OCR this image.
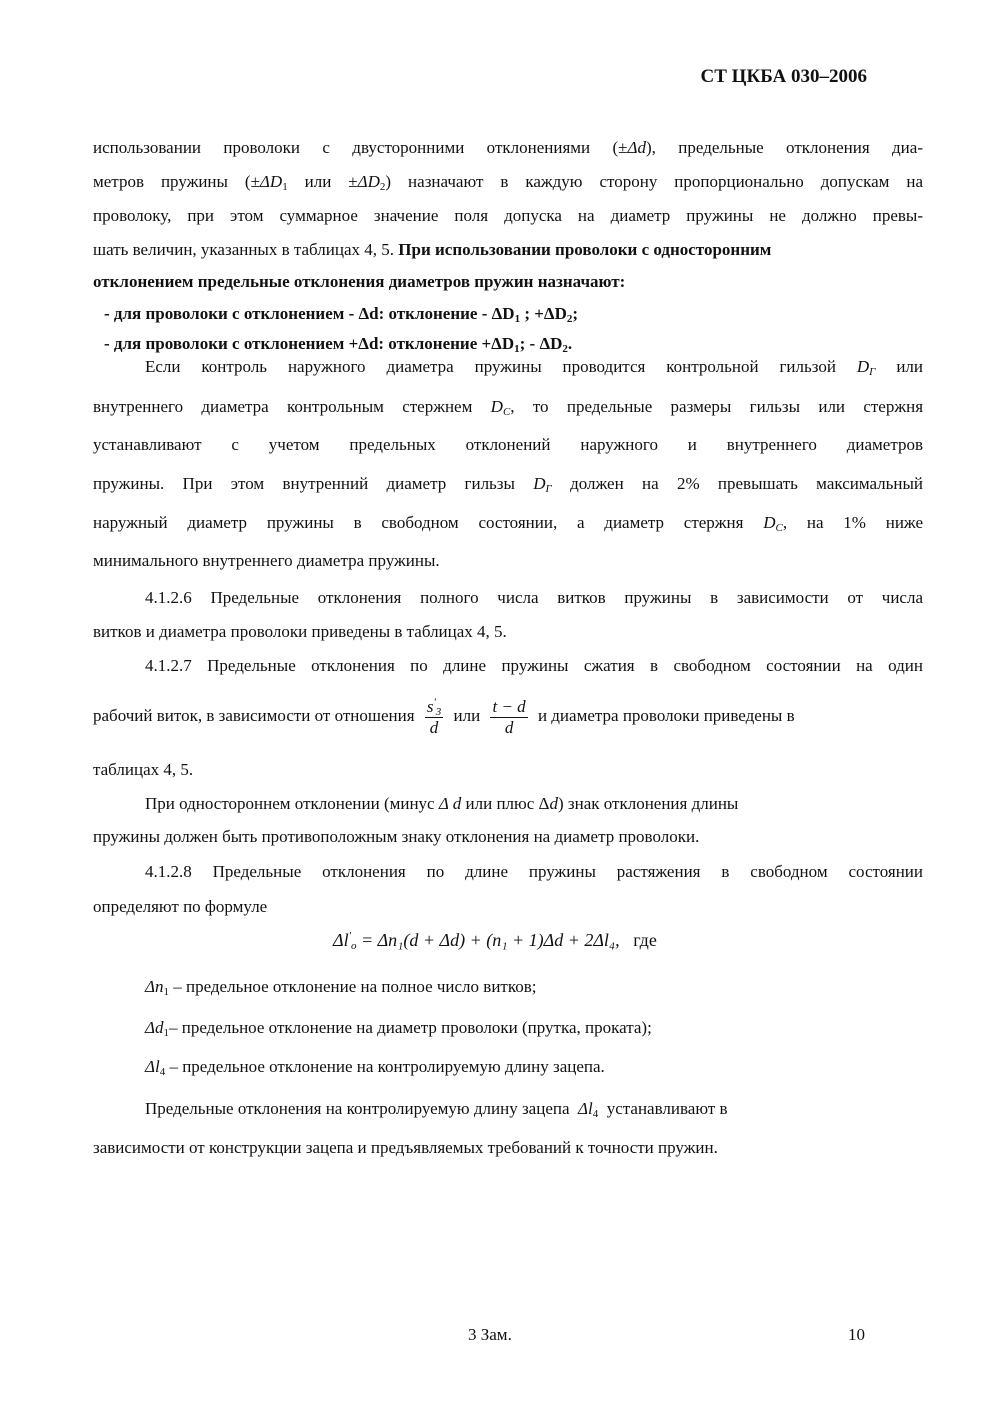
СТ ЦКБА 030–2006
использовании проволоки с двусторонними отклонениями (±Δd), предельные отклонения диа-
метров пружины ($\pm\Delta D_1$ или $\pm\Delta D_2$) назначают в каждую сторону пропорционально допускам на
проволоку, при этом суммарное значение поля допуска на диаметр пружины не должно превы-
шать величин, указанных в таблицах 4, 5. При использовании проволоки с односторонним
отклонением предельные отклонения диаметров пружин назначают:
- для проволоки с отклонением - Δd: отклонение - $\Delta D_1$ ; $+\Delta D_2$;
- для проволоки с отклонением +Δd: отклонение $+\Delta D_1$; - $\Delta D_2$.
Если контроль наружного диаметра пружины проводится контрольной гильзой $D_Г$ или
внутреннего диаметра контрольным стержнем $D_C$, то предельные размеры гильзы или стержня
устанавливают с учетом предельных отклонений наружного и внутреннего диаметров
пружины. При этом внутренний диаметр гильзы $D_Г$ должен на 2% превышать максимальный
наружный диаметр пружины в свободном состоянии, а диаметр стержня $D_C$, на 1% ниже
минимального внутреннего диаметра пружины.
4.1.2.6 Предельные отклонения полного числа витков пружины в зависимости от числа
витков и диаметра проволоки приведены в таблицах 4, 5.
4.1.2.7 Предельные отклонения по длине пружины сжатия в свободном состоянии на один
рабочий виток, в зависимости от отношения $\frac{s'_3}{d}$ или $\frac{t - d}{d}$ и диаметра проволоки приведены в
таблицах 4, 5.
При одностороннем отклонении (минус Δ d или плюс Δd) знак отклонения длины
пружины должен быть противоположным знаку отклонения на диаметр проволоки.
4.1.2.8 Предельные отклонения по длине пружины растяжения в свободном состоянии
определяют по формуле
$\Delta l'_o = \Delta n_1(d + \Delta d) + (n_1 + 1)\Delta d + 2\Delta l_4$, где
$\Delta n_1$ – предельное отклонение на полное число витков;
$\Delta d_1-$ предельное отклонение на диаметр проволоки (прутка, проката);
$\Delta l_4$ – предельное отклонение на контролируемую длину зацепа.
Предельные отклонения на контролируемую длину зацепа $\Delta l_4$ устанавливают в
зависимости от конструкции зацепа и предъявляемых требований к точности пружин.
3 Зам.	10
